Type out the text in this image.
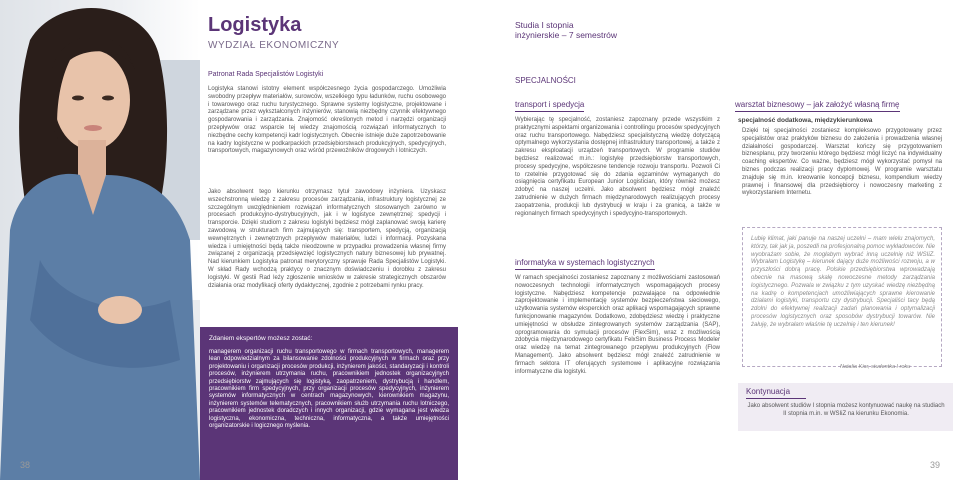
Logistyka
WYDZIAŁ EKONOMICZNY
Patronat Rada Specjalistów Logistyki

Logistyka stanowi istotny element współczesnego życia gospodarczego. Umożliwia swobodny przepływ materiałów, surowców, wszelkiego typu ładunków, ruchu osobowego i towarowego oraz ruchu turystycznego. Sprawne systemy logistyczne, projektowane i zarządzane przez wykształconych inżynierów, stanowią niezbędny czynnik efektywnego gospodarowania i zarządzania. Znajomość określonych metod i narzędzi organizacji przepływów oraz wsparcie tej wiedzy znajomością rozwiązań informatycznych to niezbędne cechy kompetencji kadr logistycznych. Obecnie istnieje duże zapotrzebowanie na kadry logistyczne w podkarpackich przedsiębiorstwach produkcyjnych, spedycyjnych, transportowych, magazynowych oraz wśród przewoźników drogowych i lotniczych.

Jako absolwent tego kierunku otrzymasz tytuł zawodowy inżyniera. Uzyskasz wszechstronną wiedzę z zakresu procesów zarządzania, infrastruktury logistycznej ze szczególnym uwzględnieniem rozwiązań informatycznych stosowanych zarówno w procesach produkcyjno-dystrybucyjnych, jak i w logistyce zewnętrznej: spedycji i transporcie. Dzięki studiom z zakresu logistyki będziesz mógł zaplanować swoją karierę zawodową w strukturach firm zajmujących się: transportem, spedycją, organizacją wewnętrznych i zewnętrznych przepływów materiałów, ludzi i informacji. Pozyskana wiedza i umiejętności będą także nieodzowne w przypadku prowadzenia własnej firmy związanej z organizacją przedsięwzięć logistycznych natury biznesowej lub prywatnej. Nad kierunkiem Logistyka patronat merytoryczny sprawuje Rada Specjalistów Logistyki. W skład Rady wchodzą praktycy o znacznym doświadczeniu i dorobku z zakresu logistyki. W gestii Rad leży zgłoszenie wniosków w zakresie strategicznych obszarów działania oraz modyfikacji oferty dydaktycznej, zgodnie z potrzebami rynku pracy.

Zdaniem ekspertów możesz zostać:

managerem organizacji ruchu transportowego w firmach transportowych, managerem lean odpowiedzialnym za bilansowanie zdolności produkcyjnych w firmach oraz przy projektowaniu i organizacji procesów produkcji, inżynierem jakości, standaryzacji i kontroli procesów, inżynierem utrzymania ruchu, pracownikiem jednostek organizacyjnych przedsiębiorstw zajmujących się logistyką, zaopatrzeniem, dystrybucją i handlem, pracownikiem firm spedycyjnych, przy organizacji procesów spedycyjnych, inżynierem systemów informatycznych w centrach magazynowych, kierownikiem magazynu, inżynierem systemów telematycznych, pracownikiem służb utrzymania ruchu lotniczego, pracownikiem jednostek doradczych i innych organizacji, gdzie wymagana jest wiedza logistyczna, ekonomiczna, techniczna, informatyczna, a także umiejętności organizatorskie i logicznego myślenia.

38
Studia I stopnia
inżynierskie – 7 semestrów
SPECJALNOŚCI
transport i spedycja

Wybierając tę specjalność, zostaniesz zapoznany przede wszystkim z praktycznymi aspektami organizowania i controllingu procesów spedycyjnych oraz ruchu transportowego. Nabędziesz specjalistyczną wiedzę dotyczącą optymalnego wykorzystania dostępnej infrastruktury transportowej, a także z zakresu eksploatacji urządzeń transportowych. W programie studiów będziesz realizować m.in.: logistykę przedsiębiorstw transportowych, procesy spedycyjne, współczesne tendencje rozwoju transportu. Pozwoli Ci to rzetelnie przygotować się do zdania egzaminów wymaganych do osiągnięcia certyfikatu European Junior Logistician, który również możesz zdobyć na naszej uczelni. Jako absolwent będziesz mógł znaleźć zatrudnienie w dużych firmach międzynarodowych realizujących procesy zaopatrzenia, produkcji lub dystrybucji w kraju i za granicą, a także w regionalnych firmach spedycyjnych i spedycyjno-transportowych.

informatyka w systemach logistycznych

W ramach specjalności zostaniesz zapoznany z możliwościami zastosowań nowoczesnych technologii informatycznych wspomagających procesy logistyczne. Nabędziesz kompetencje pozwalające na odpowiednie zaprojektowanie i implementację systemów bezpieczeństwa sieciowego, użytkowania systemów eksperckich oraz aplikacji wspomagających sprawne funkcjonowanie magazynów. Dodatkowo, zdobędziesz wiedzę i praktyczne umiejętności w obsłudze zintegrowanych systemów zarządzania (SAP), oprogramowania do symulacji procesów (FlexSim), wraz z możliwością zdobycia międzynarodowego certyfikatu FelxSim Business Process Modeler oraz wiedzę na temat zintegrowanego przepływu produkcyjnych (Flow Management). Jako absolwent będziesz mógł znaleźć zatrudnienie w firmach sektora IT oferujących systemowe i aplikacyjne rozwiązania informatyczne dla logistyki.

warsztat biznesowy – jak założyć własną firmę
specjalność dodatkowa, międzykierunkowa

Dzięki tej specjalności zostaniesz kompleksowo przygotowany przez specjalistów oraz praktyków biznesu do założenia i prowadzenia własnej działalności gospodarczej. Warsztat kończy się przygotowaniem biznesplanu, przy tworzeniu którego będziesz mógł liczyć na indywidualny coaching ekspertów. Co ważne, będziesz mógł wykorzystać pomysł na biznes podczas realizacji pracy dyplomowej. W programie warsztatu znajduje się m.in. kreowanie koncepcji biznesu, kompendium wiedzy prawnej i finansowej dla przedsiębiorcy i nowoczesny marketing z wykorzystaniem Internetu.

Lubię klimat, jaki panuje na naszej uczelni – mam wielu znajomych, którzy, tak jak ja, poszedli na profesjonalną pomoc wykładowców. Nie wyobrażam sobie, że mogłabym wybrać inną uczelnię niż WSIiZ. Wybrałam Logistykę – kierunek dający duże możliwości rozwoju, a w przyszłości dobrą pracę. Polskie przedsiębiorstwa wprowadzają obecnie na masową skalę nowoczesne metody zarządzania logistycznego. Pozwala w związku z tym uzyskać wiedzę niezbędną na kadrę o kompetencjach umożliwiających sprawne kierowanie działami logistyki, transportu czy dystrybucji. Specjaliści tacy będą zdolni do efektywnej realizacji zadań planowania i optymalizacji procesów logistycznych oraz sposobów dystrybucji towarów. Nie żałuję, że wybrałam właśnie tę uczelnię i ten kierunek!

Natalia Kior, studentka I roku
Kontynuacja

Jako absolwent studiów I stopnia możesz kontynuować naukę na studiach II stopnia m.in. w WSIiZ na kierunku Ekonomia.

39
